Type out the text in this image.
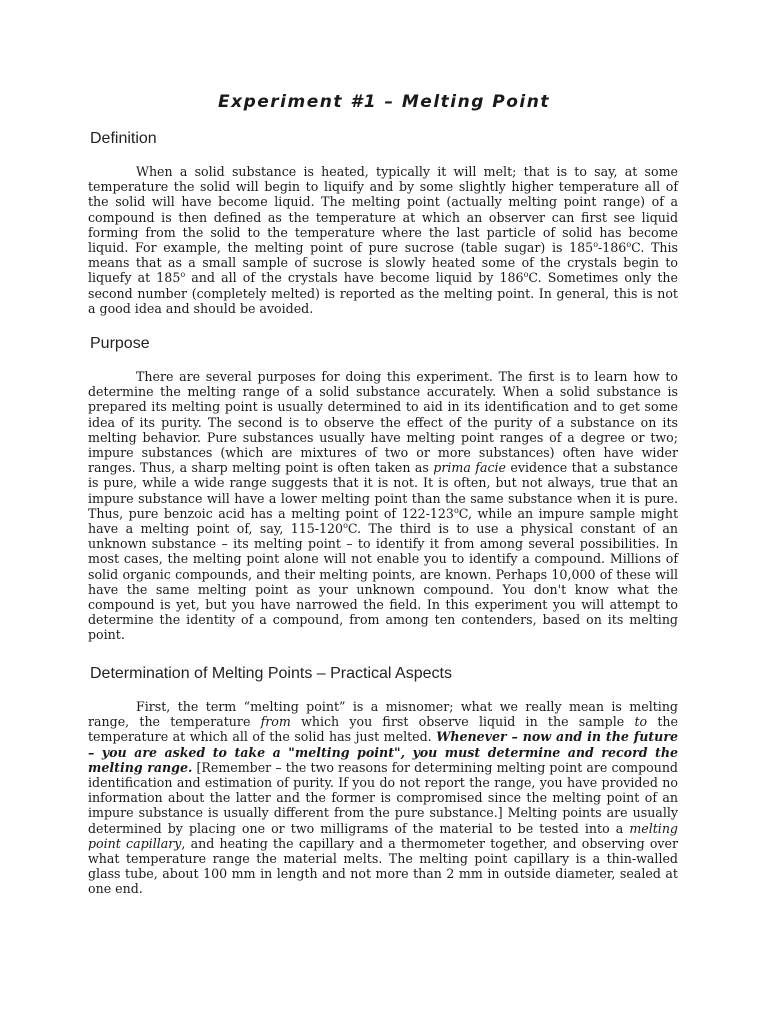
Experiment #1 – Melting Point
Definition

When a solid substance is heated, typically it will melt; that is to say, at some temperature the solid will begin to liquify and by some slightly higher temperature all of the solid will have become liquid. The melting point (actually melting point range) of a compound is then defined as the temperature at which an observer can first see liquid forming from the solid to the temperature where the last particle of solid has become liquid. For example, the melting point of pure sucrose (table sugar) is 185$^o$-186$^o$C. This means that as a small sample of sucrose is slowly heated some of the crystals begin to liquefy at 185$^o$ and all of the crystals have become liquid by 186$^o$C. Sometimes only the second number (completely melted) is reported as the melting point. In general, this is not a good idea and should be avoided.

Purpose

There are several purposes for doing this experiment. The first is to learn how to determine the melting range of a solid substance accurately. When a solid substance is prepared its melting point is usually determined to aid in its identification and to get some idea of its purity. The second is to observe the effect of the purity of a substance on its melting behavior. Pure substances usually have melting point ranges of a degree or two; impure substances (which are mixtures of two or more substances) often have wider ranges. Thus, a sharp melting point is often taken as prima facie evidence that a substance is pure, while a wide range suggests that it is not. It is often, but not always, true that an impure substance will have a lower melting point than the same substance when it is pure. Thus, pure benzoic acid has a melting point of 122-123$^o$C, while an impure sample might have a melting point of, say, 115-120$^o$C. The third is to use a physical constant of an unknown substance – its melting point – to identify it from among several possibilities. In most cases, the melting point alone will not enable you to identify a compound. Millions of solid organic compounds, and their melting points, are known. Perhaps 10,000 of these will have the same melting point as your unknown compound. You don't know what the compound is yet, but you have narrowed the field. In this experiment you will attempt to determine the identity of a compound, from among ten contenders, based on its melting point.

Determination of Melting Points – Practical Aspects

First, the term “melting point” is a misnomer; what we really mean is melting range, the temperature from which you first observe liquid in the sample to the temperature at which all of the solid has just melted. Whenever – now and in the future – you are asked to take a "melting point", you must determine and record the melting range. [Remember – the two reasons for determining melting point are compound identification and estimation of purity. If you do not report the range, you have provided no information about the latter and the former is compromised since the melting point of an impure substance is usually different from the pure substance.] Melting points are usually determined by placing one or two milligrams of the material to be tested into a melting point capillary, and heating the capillary and a thermometer together, and observing over what temperature range the material melts. The melting point capillary is a thin-walled glass tube, about 100 mm in length and not more than 2 mm in outside diameter, sealed at one end.
